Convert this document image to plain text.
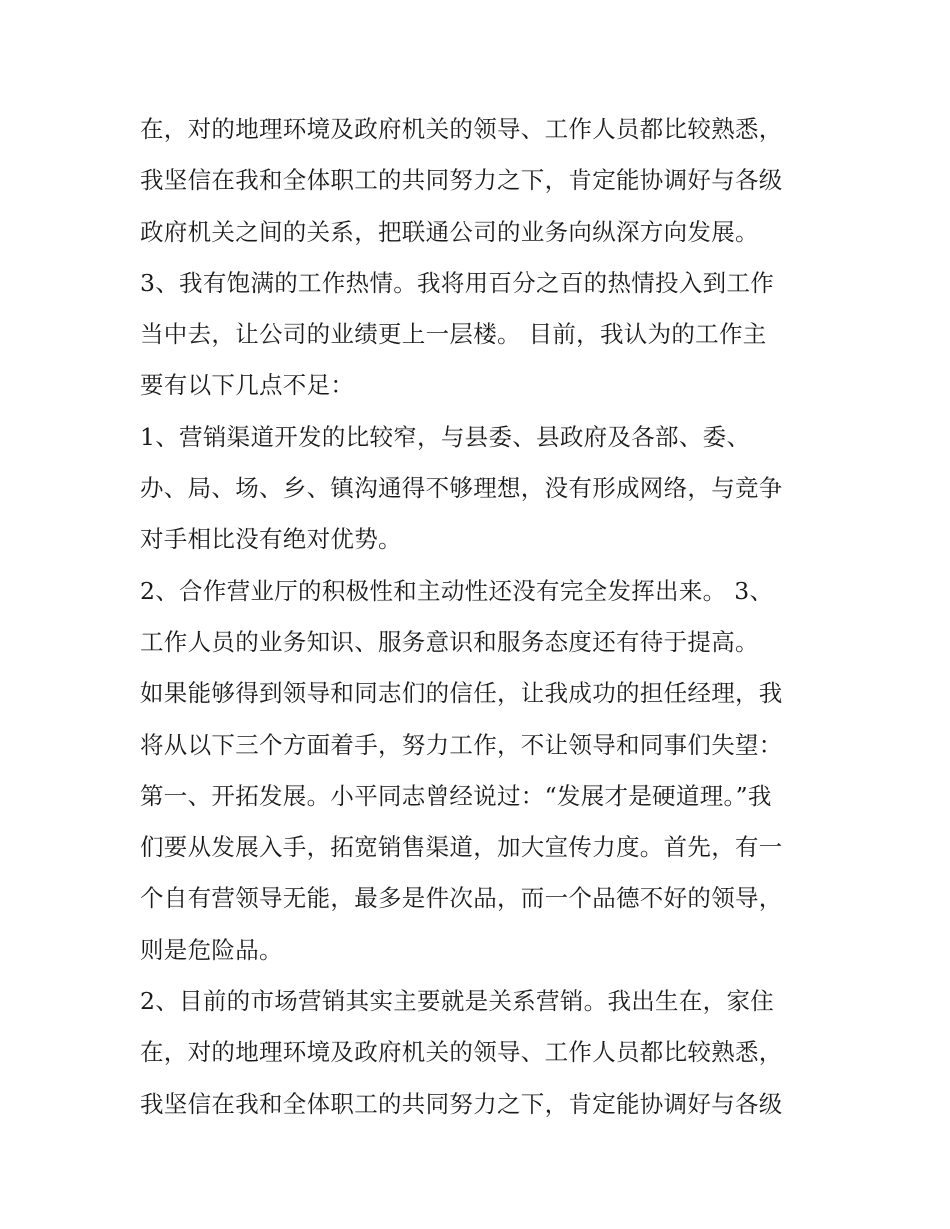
在，对的地理环境及政府机关的领导、工作人员都比较熟悉，
我坚信在我和全体职工的共同努力之下，肯定能协调好与各级
政府机关之间的关系，把联通公司的业务向纵深方向发展。
3、我有饱满的工作热情。我将用百分之百的热情投入到工作
当中去，让公司的业绩更上一层楼。 目前，我认为的工作主
要有以下几点不足：
1、营销渠道开发的比较窄，与县委、县政府及各部、委、
办、局、场、乡、镇沟通得不够理想，没有形成网络，与竞争
对手相比没有绝对优势。
2、合作营业厅的积极性和主动性还没有完全发挥出来。 3、
工作人员的业务知识、服务意识和服务态度还有待于提高。
如果能够得到领导和同志们的信任，让我成功的担任经理，我
将从以下三个方面着手，努力工作，不让领导和同事们失望：
第一、开拓发展。小平同志曾经说过：“发展才是硬道理。”我
们要从发展入手，拓宽销售渠道，加大宣传力度。首先，有一
个自有营领导无能，最多是件次品，而一个品德不好的领导，
则是危险品。
2、目前的市场营销其实主要就是关系营销。我出生在，家住
在，对的地理环境及政府机关的领导、工作人员都比较熟悉，
我坚信在我和全体职工的共同努力之下，肯定能协调好与各级
